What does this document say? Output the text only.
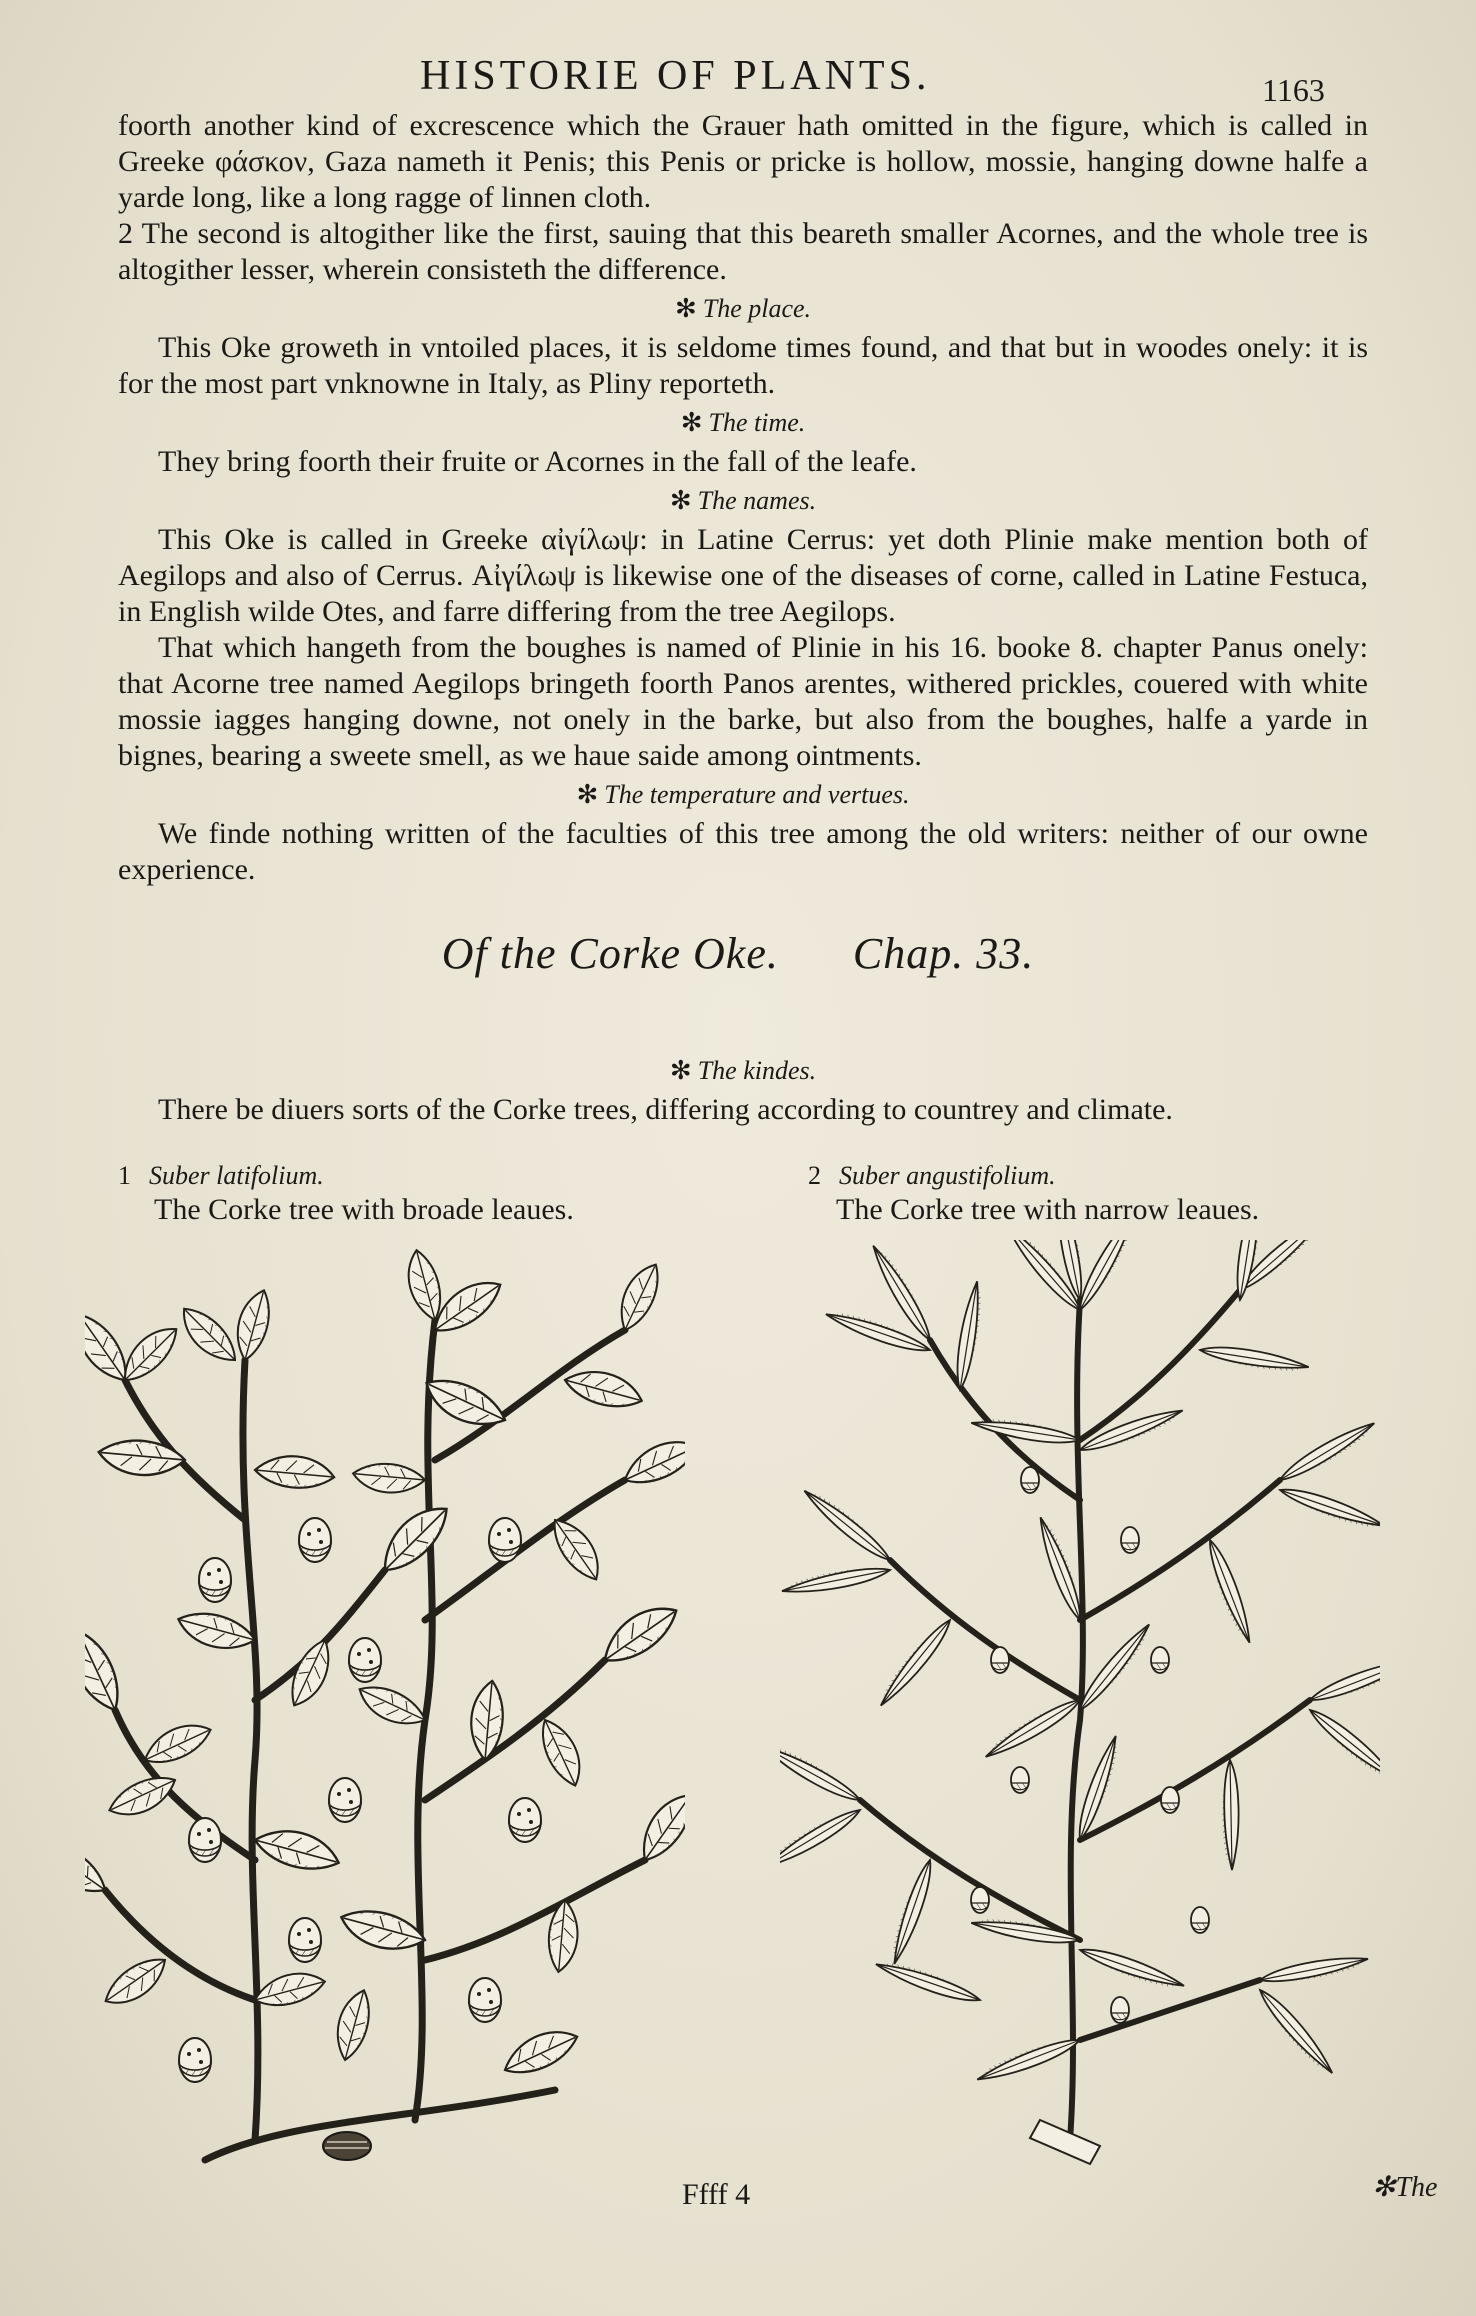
HISTORIE OF PLANTS.	1163

foorth another kind of excrescence which the Grauer hath omitted in the figure, which is called in Greeke φάσκον, Gaza nameth it Penis; this Penis or pricke is hollow, mossie, hanging downe halfe a yarde long, like a long ragge of linnen cloth.

2 The second is altogither like the first, sauing that this beareth smaller Acornes, and the whole tree is altogither lesser, wherein consisteth the difference.

✻ The place.

This Oke groweth in vntoiled places, it is seldome times found, and that but in woodes onely: it is for the most part vnknowne in Italy, as Pliny reporteth.

✻ The time.

They bring foorth their fruite or Acornes in the fall of the leafe.

✻ The names.

This Oke is called in Greeke αἰγίλωψ: in Latine Cerrus: yet doth Plinie make mention both of Aegilops and also of Cerrus. Αἰγίλωψ is likewise one of the diseases of corne, called in Latine Festuca, in English wilde Otes, and farre differing from the tree Aegilops.

That which hangeth from the boughes is named of Plinie in his 16. booke 8. chapter Panus onely: that Acorne tree named Aegilops bringeth foorth Panos arentes, withered prickles, couered with white mossie iagges hanging downe, not onely in the barke, but also from the boughes, halfe a yarde in bignes, bearing a sweete smell, as we haue saide among ointments.

✻ The temperature and vertues.

We finde nothing written of the faculties of this tree among the old writers: neither of our owne experience.

Of the Corke Oke. Chap. 33.
✻ The kindes.

There be diuers sorts of the Corke trees, differing according to countrey and climate.

1 Suber latifolium.
The Corke tree with broade leaues.
2 Suber angustifolium.
The Corke tree with narrow leaues.
Ffff 4	✻The
